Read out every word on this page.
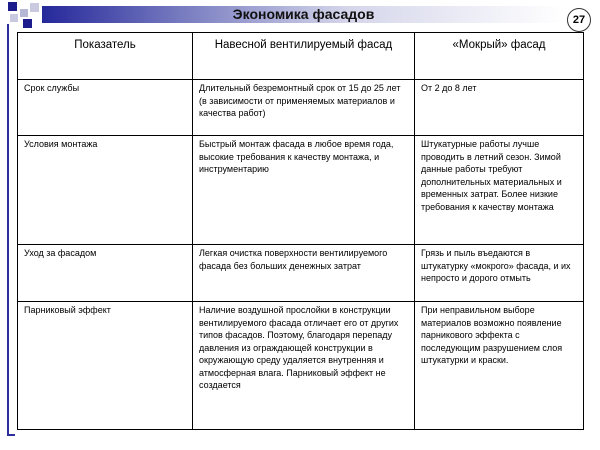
Экономика фасадов	27
Показатель	Навесной вентилируемый фасад	«Мокрый» фасад
Срок службы	Длительный безремонтный срок от 15 до 25 лет (в зависимости от применяемых материалов и качества работ)	От 2 до 8 лет
Условия монтажа	Быстрый монтаж фасада в любое время года, высокие требования к качеству монтажа, и инструментарию	Штукатурные работы лучше проводить в летний сезон. Зимой данные работы требуют дополнительных материальных и временных затрат. Более низкие требования к качеству монтажа
Уход за фасадом	Легкая очистка поверхности вентилируемого фасада без больших денежных затрат	Грязь и пыль въедаются в штукатурку «мокрого» фасада, и их непросто и дорого отмыть
Парниковый эффект	Наличие воздушной прослойки в конструкции вентилируемого фасада отличает его от других типов фасадов. Поэтому, благодаря перепаду давления из ограждающей конструкции в окружающую среду удаляется внутренняя и атмосферная влага. Парниковый эффект не создается	При неправильном выборе материалов возможно появление парникового эффекта с последующим разрушением слоя штукатурки и краски.
